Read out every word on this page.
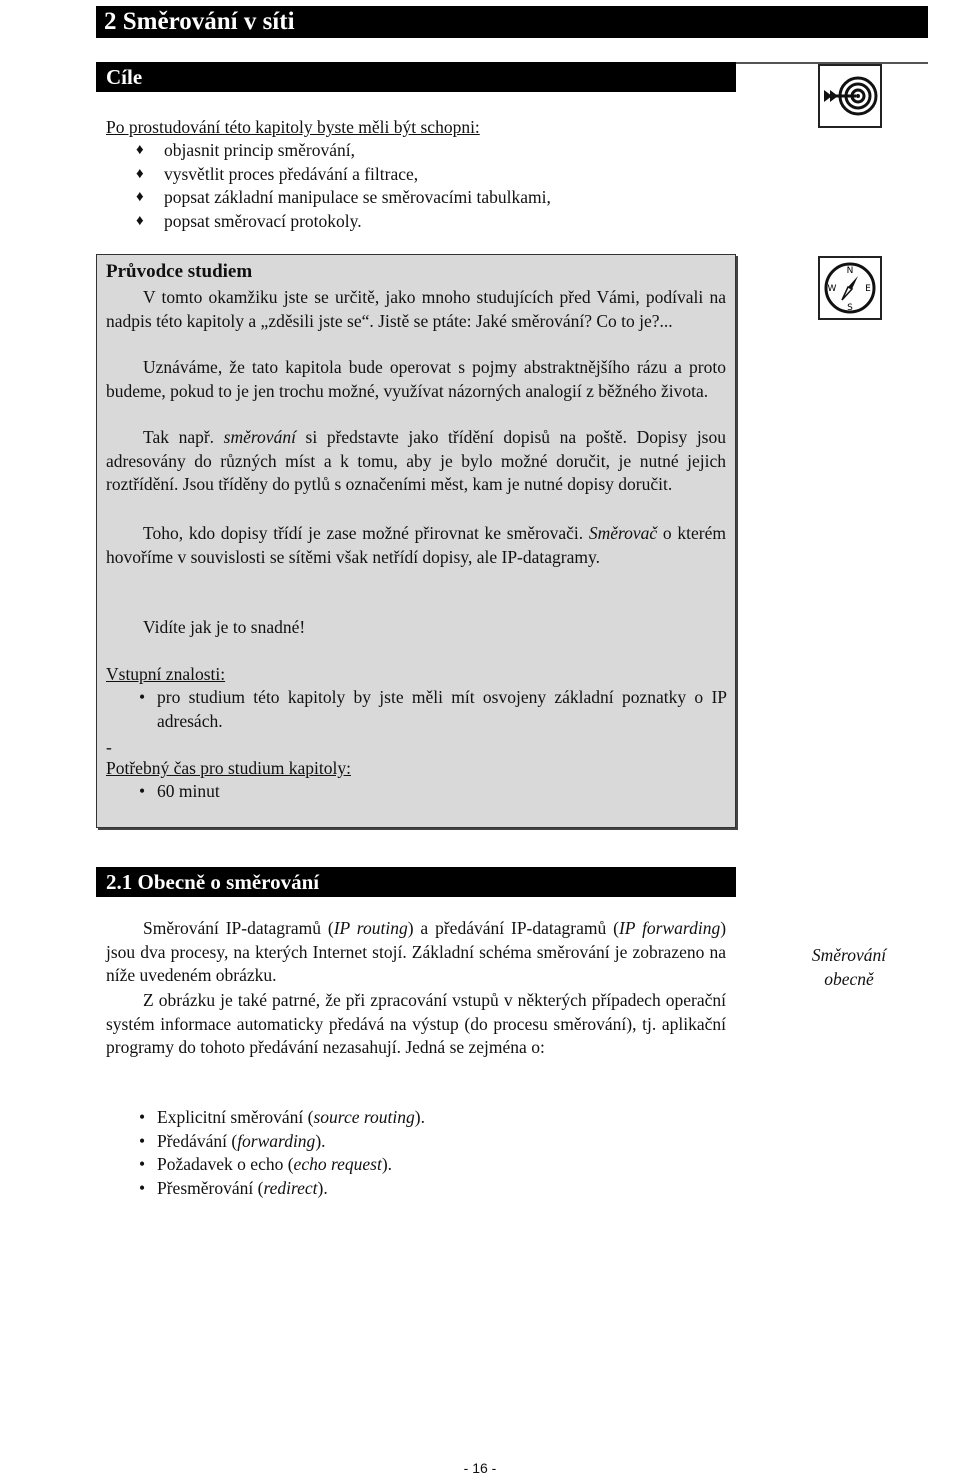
2 Směrování v síti
Cíle
Po prostudování této kapitoly byste měli být schopni:
♦ objasnit princip směrování,
♦ vysvětlit proces předávání a filtrace,
♦ popsat základní manipulace se směrovacími tabulkami,
♦ popsat směrovací protokoly.
N
S
W	E
Průvodce studiem
V tomto okamžiku jste se určitě, jako mnoho studujících před Vámi, podívali na nadpis této kapitoly a „zděsili jste se“. Jistě se ptáte: Jaké směrování? Co to je?...
Uznáváme, že tato kapitola bude operovat s pojmy abstraktnějšího rázu a proto budeme, pokud to je jen trochu možné, využívat názorných analogií z běžného života.
Tak např. směrování si představte jako třídění dopisů na poště. Dopisy jsou adresovány do různých míst a k tomu, aby je bylo možné doručit, je nutné jejich roztřídění. Jsou tříděny do pytlů s označeními měst, kam je nutné dopisy doručit.
Toho, kdo dopisy třídí je zase možné přirovnat ke směrovači. Směrovač o kterém hovoříme v souvislosti se sítěmi však netřídí dopisy, ale IP-datagramy.
Vidíte jak je to snadné!
Vstupní znalosti:
• pro studium této kapitoly by jste měli mít osvojeny základní poznatky o IP adresách.
-
Potřebný čas pro studium kapitoly:
• 60 minut
2.1 Obecně o směrování
Směrování IP-datagramů (IP routing) a předávání IP-datagramů (IP forwarding) jsou dva procesy, na kterých Internet stojí. Základní schéma směrování je zobrazeno na níže uvedeném obrázku.
Z obrázku je také patrné, že při zpracování vstupů v některých případech operační systém informace automaticky předává na výstup (do procesu směrování), tj. aplikační programy do tohoto předávání nezasahují. Jedná se zejména o:
Směrování
obecně
• Explicitní směrování (source routing).
• Předávání (forwarding).
• Požadavek o echo (echo request).
• Přesměrování (redirect).
- 16 -
